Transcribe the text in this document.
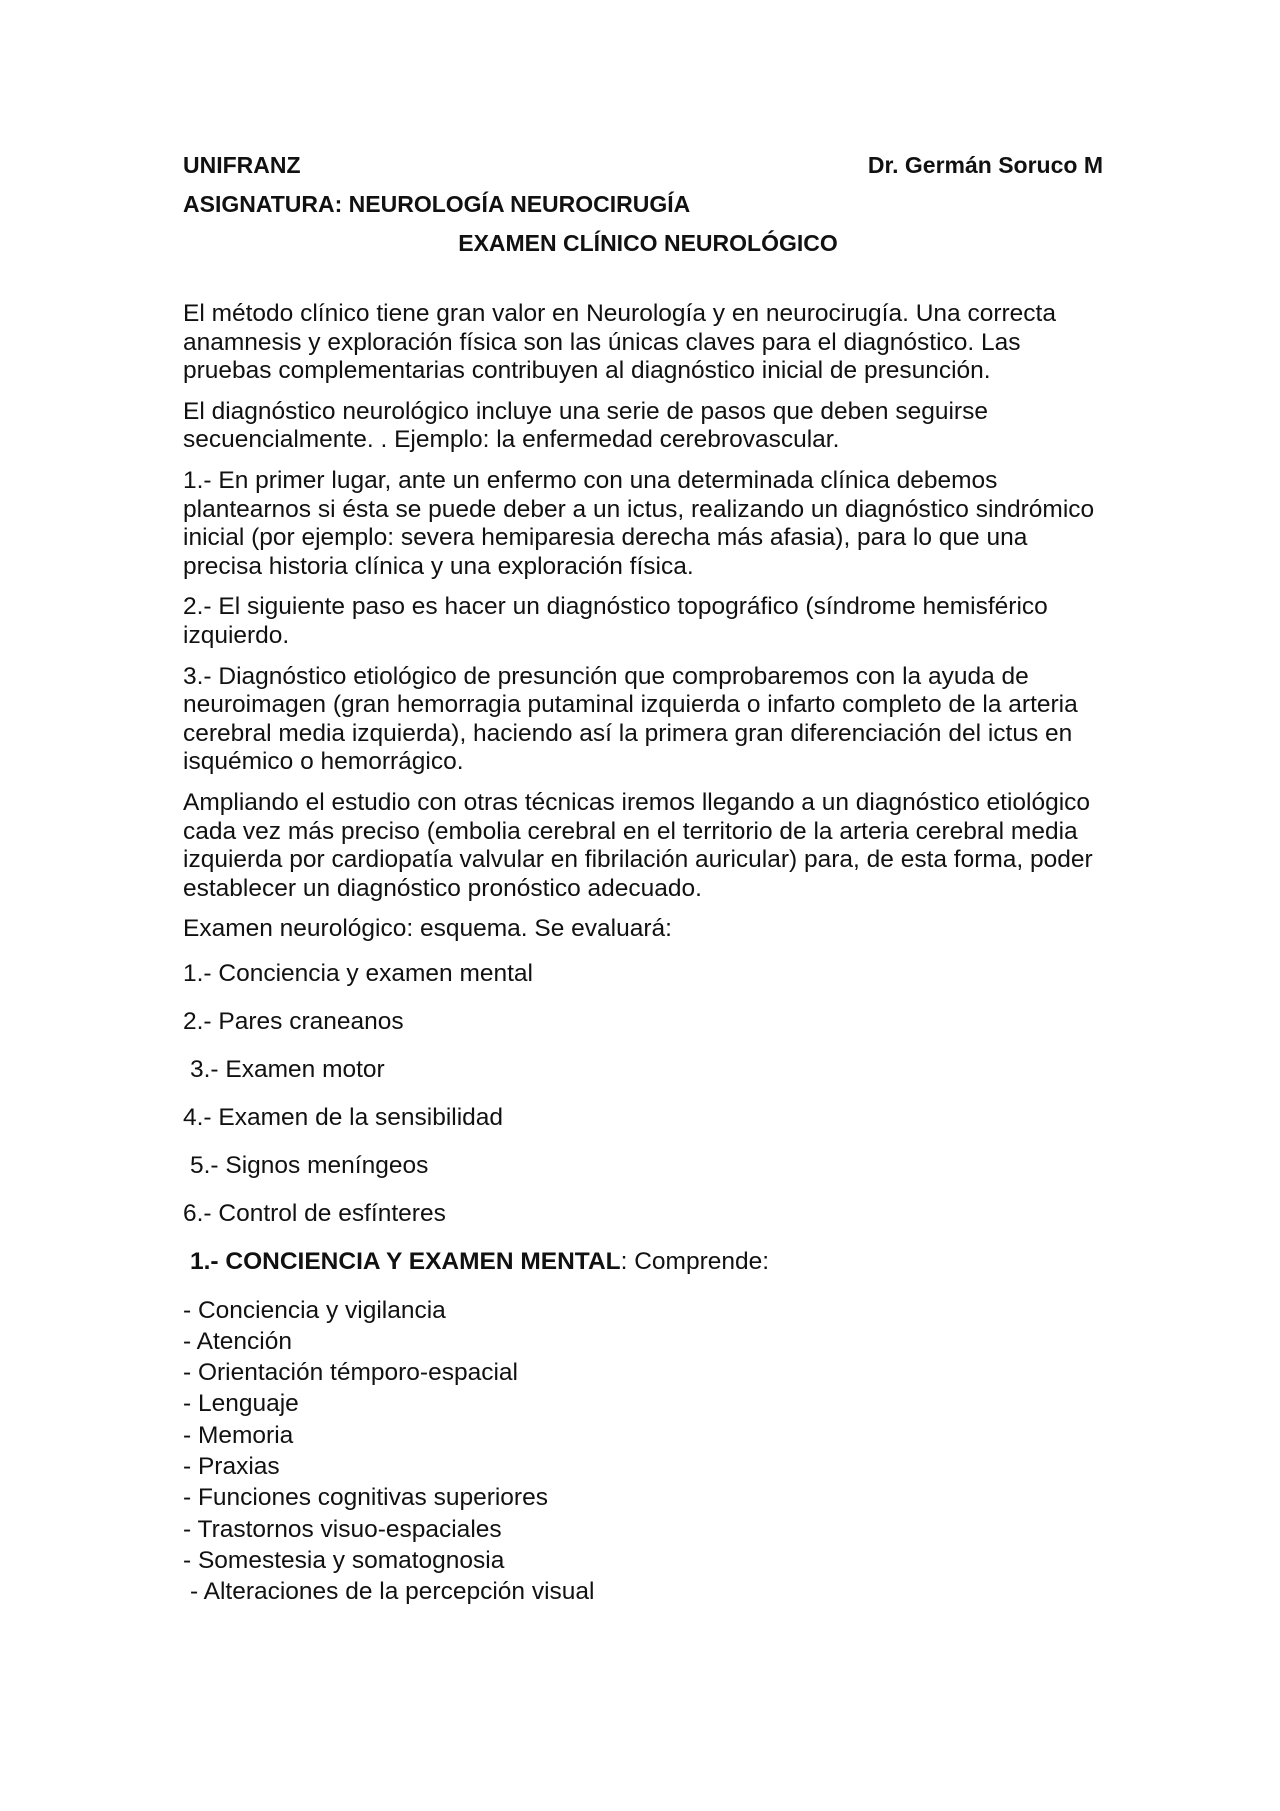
UNIFRANZ	Dr. Germán Soruco M
ASIGNATURA: NEUROLOGÍA NEUROCIRUGÍA
EXAMEN CLÍNICO NEUROLÓGICO

El método clínico tiene gran valor en Neurología y en neurocirugía. Una correcta anamnesis y exploración física son las únicas claves para el diagnóstico. Las pruebas complementarias contribuyen al diagnóstico inicial de presunción.

El diagnóstico neurológico incluye una serie de pasos que deben seguirse secuencialmente. . Ejemplo: la enfermedad cerebrovascular.

1.- En primer lugar, ante un enfermo con una determinada clínica debemos plantearnos si ésta se puede deber a un ictus, realizando un diagnóstico sindrómico inicial (por ejemplo: severa hemiparesia derecha más afasia), para lo que una precisa historia clínica y una exploración física.

2.- El siguiente paso es hacer un diagnóstico topográfico (síndrome hemisférico izquierdo.

3.- Diagnóstico etiológico de presunción que comprobaremos con la ayuda de neuroimagen (gran hemorragia putaminal izquierda o infarto completo de la arteria cerebral media izquierda), haciendo así la primera gran diferenciación del ictus en isquémico o hemorrágico.

Ampliando el estudio con otras técnicas iremos llegando a un diagnóstico etiológico cada vez más preciso (embolia cerebral en el territorio de la arteria cerebral media izquierda por cardiopatía valvular en fibrilación auricular) para, de esta forma, poder establecer un diagnóstico pronóstico adecuado.

Examen neurológico: esquema. Se evaluará:

1.- Conciencia y examen mental

2.- Pares craneanos

3.- Examen motor

4.- Examen de la sensibilidad

5.- Signos meníngeos

6.- Control de esfínteres

1.- CONCIENCIA Y EXAMEN MENTAL: Comprende:
- Conciencia y vigilancia
- Atención
- Orientación témporo-espacial
- Lenguaje
- Memoria
- Praxias
- Funciones cognitivas superiores
- Trastornos visuo-espaciales
- Somestesia y somatognosia
- Alteraciones de la percepción visual
